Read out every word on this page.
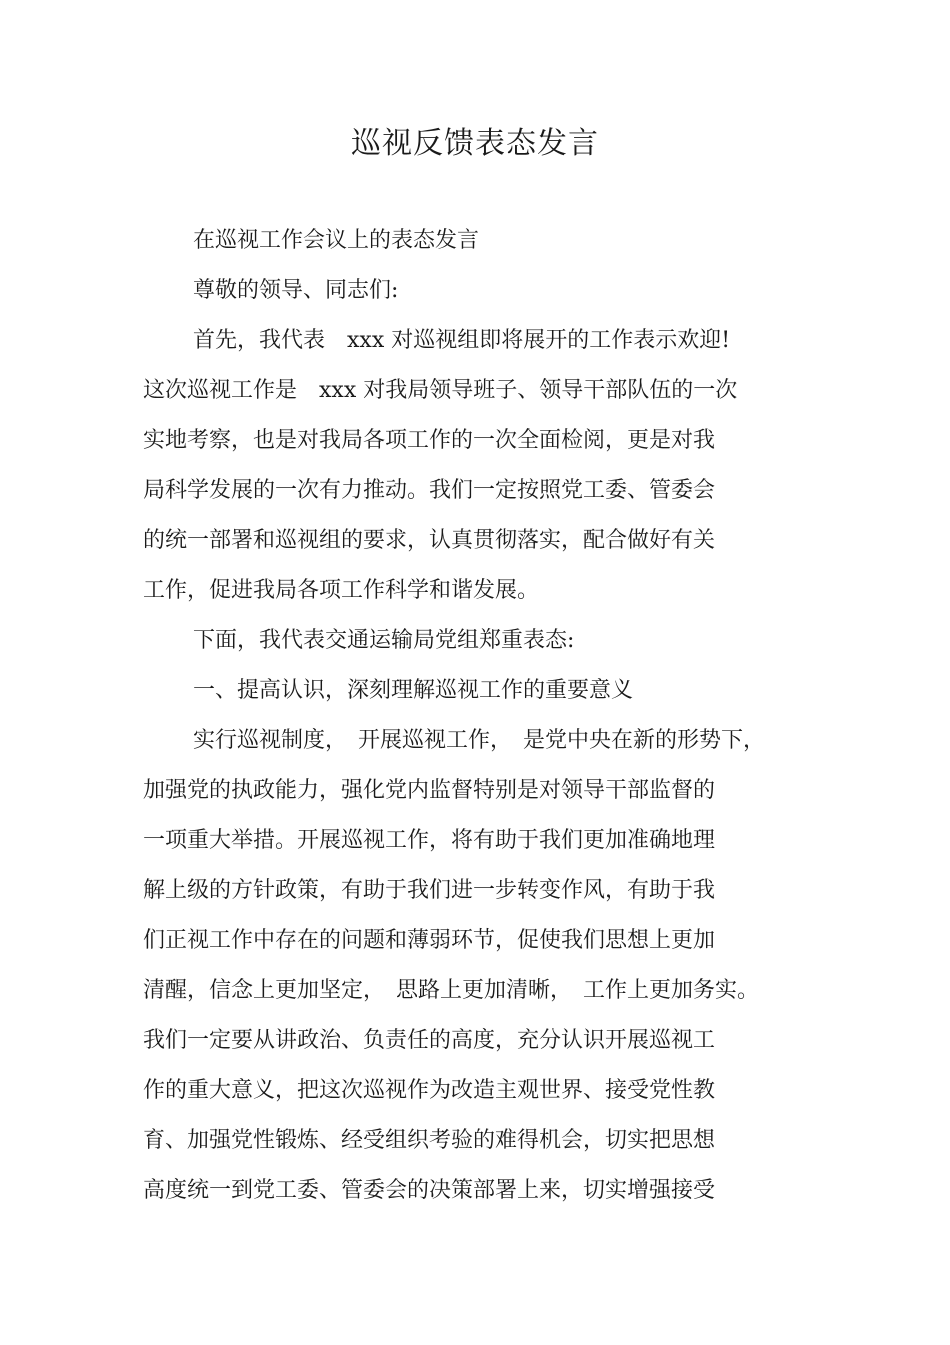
巡视反馈表态发言
在巡视工作会议上的表态发言
尊敬的领导、同志们:
首先，我代表　xxx 对巡视组即将展开的工作表示欢迎!
这次巡视工作是　xxx 对我局领导班子、领导干部队伍的一次
实地考察，也是对我局各项工作的一次全面检阅，更是对我
局科学发展的一次有力推动。我们一定按照党工委、管委会
的统一部署和巡视组的要求，认真贯彻落实，配合做好有关
工作，促进我局各项工作科学和谐发展。
下面，我代表交通运输局党组郑重表态:
一、提高认识，深刻理解巡视工作的重要意义
实行巡视制度，　开展巡视工作，　是党中央在新的形势下，
加强党的执政能力，强化党内监督特别是对领导干部监督的
一项重大举措。开展巡视工作，将有助于我们更加准确地理
解上级的方针政策，有助于我们进一步转变作风，有助于我
们正视工作中存在的问题和薄弱环节，促使我们思想上更加
清醒，信念上更加坚定，　思路上更加清晰，　工作上更加务实。
我们一定要从讲政治、负责任的高度，充分认识开展巡视工
作的重大意义，把这次巡视作为改造主观世界、接受党性教
育、加强党性锻炼、经受组织考验的难得机会，切实把思想
高度统一到党工委、管委会的决策部署上来，切实增强接受
